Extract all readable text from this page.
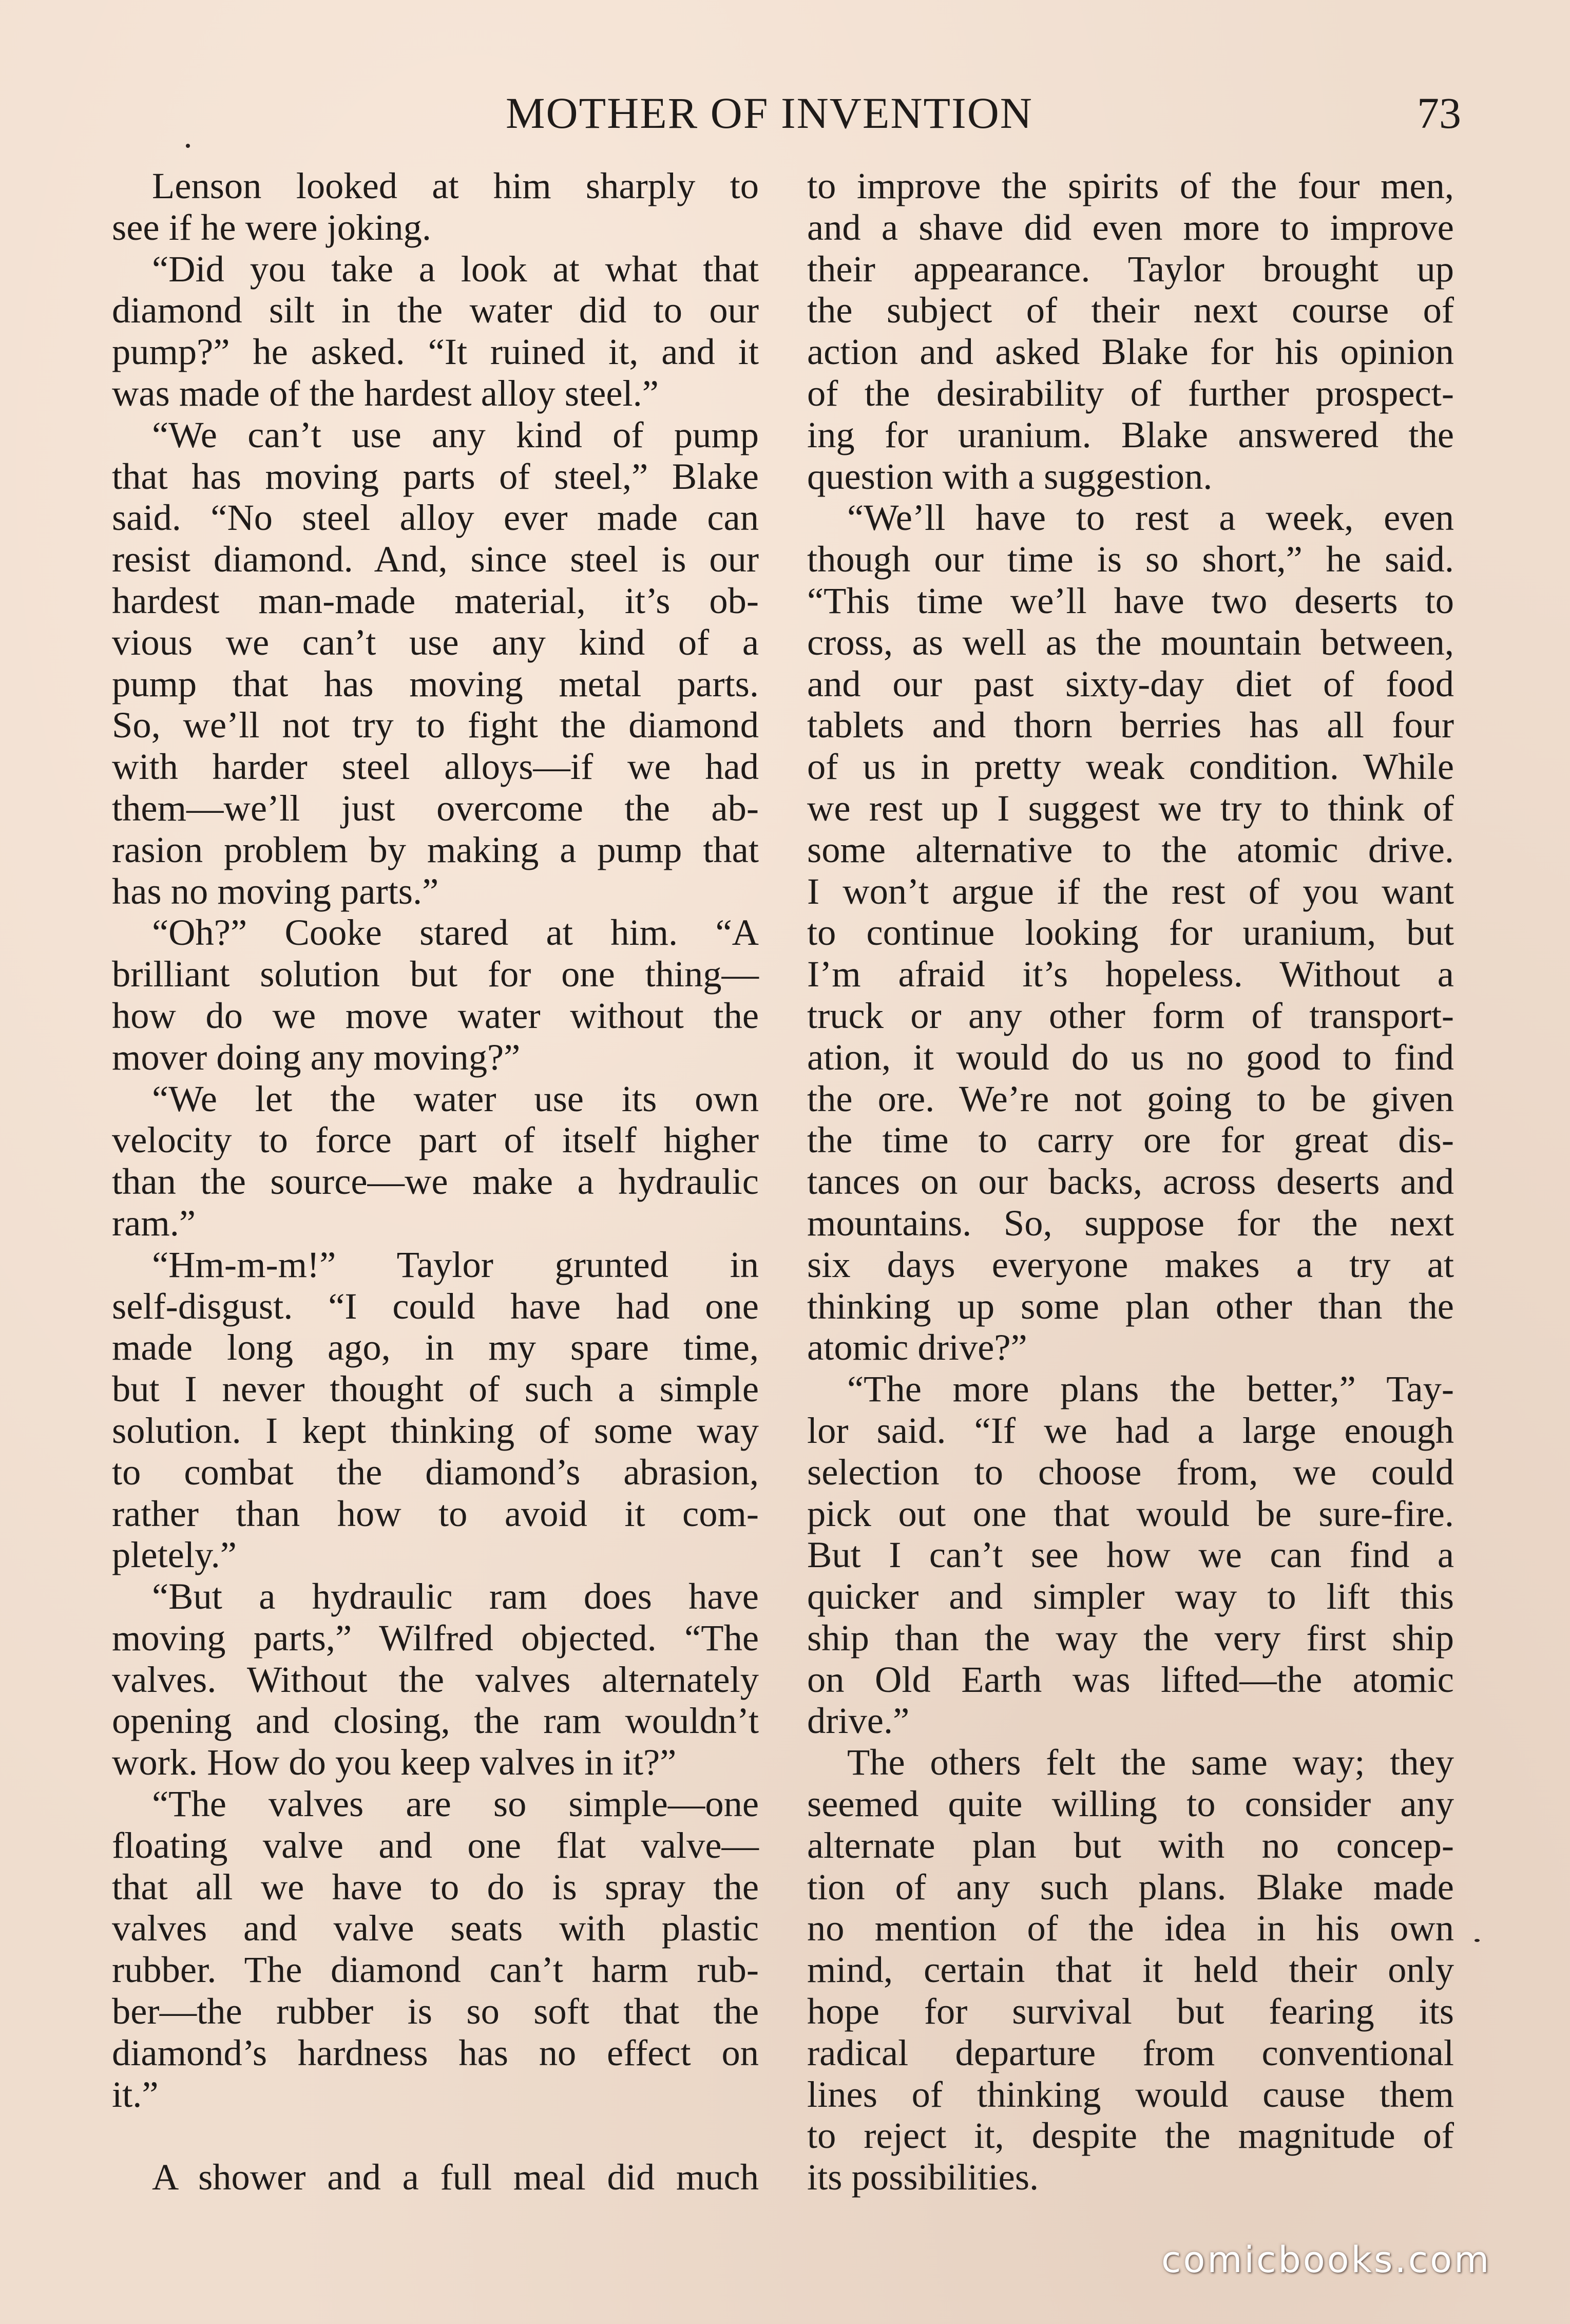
MOTHER OF INVENTION	73
Lenson looked at him sharply to
see if he were joking.
“Did you take a look at what that
diamond silt in the water did to our
pump?” he asked. “It ruined it, and it
was made of the hardest alloy steel.”
“We can’t use any kind of pump
that has moving parts of steel,” Blake
said. “No steel alloy ever made can
resist diamond. And, since steel is our
hardest man-made material, it’s ob-
vious we can’t use any kind of a
pump that has moving metal parts.
So, we’ll not try to fight the diamond
with harder steel alloys—if we had
them—we’ll just overcome the ab-
rasion problem by making a pump that
has no moving parts.”
“Oh?” Cooke stared at him. “A
brilliant solution but for one thing—
how do we move water without the
mover doing any moving?”
“We let the water use its own
velocity to force part of itself higher
than the source—we make a hydraulic
ram.”
“Hm-m-m!” Taylor grunted in
self-disgust. “I could have had one
made long ago, in my spare time,
but I never thought of such a simple
solution. I kept thinking of some way
to combat the diamond’s abrasion,
rather than how to avoid it com-
pletely.”
“But a hydraulic ram does have
moving parts,” Wilfred objected. “The
valves. Without the valves alternately
opening and closing, the ram wouldn’t
work. How do you keep valves in it?”
“The valves are so simple—one
floating valve and one flat valve—
that all we have to do is spray the
valves and valve seats with plastic
rubber. The diamond can’t harm rub-
ber—the rubber is so soft that the
diamond’s hardness has no effect on
it.”
A shower and a full meal did much
to improve the spirits of the four men,
and a shave did even more to improve
their appearance. Taylor brought up
the subject of their next course of
action and asked Blake for his opinion
of the desirability of further prospect-
ing for uranium. Blake answered the
question with a suggestion.
“We’ll have to rest a week, even
though our time is so short,” he said.
“This time we’ll have two deserts to
cross, as well as the mountain between,
and our past sixty-day diet of food
tablets and thorn berries has all four
of us in pretty weak condition. While
we rest up I suggest we try to think of
some alternative to the atomic drive.
I won’t argue if the rest of you want
to continue looking for uranium, but
I’m afraid it’s hopeless. Without a
truck or any other form of transport-
ation, it would do us no good to find
the ore. We’re not going to be given
the time to carry ore for great dis-
tances on our backs, across deserts and
mountains. So, suppose for the next
six days everyone makes a try at
thinking up some plan other than the
atomic drive?”
“The more plans the better,” Tay-
lor said. “If we had a large enough
selection to choose from, we could
pick out one that would be sure-fire.
But I can’t see how we can find a
quicker and simpler way to lift this
ship than the way the very first ship
on Old Earth was lifted—the atomic
drive.”
The others felt the same way; they
seemed quite willing to consider any
alternate plan but with no concep-
tion of any such plans. Blake made
no mention of the idea in his own
mind, certain that it held their only
hope for survival but fearing its
radical departure from conventional
lines of thinking would cause them
to reject it, despite the magnitude of
its possibilities.
comicbooks.com
